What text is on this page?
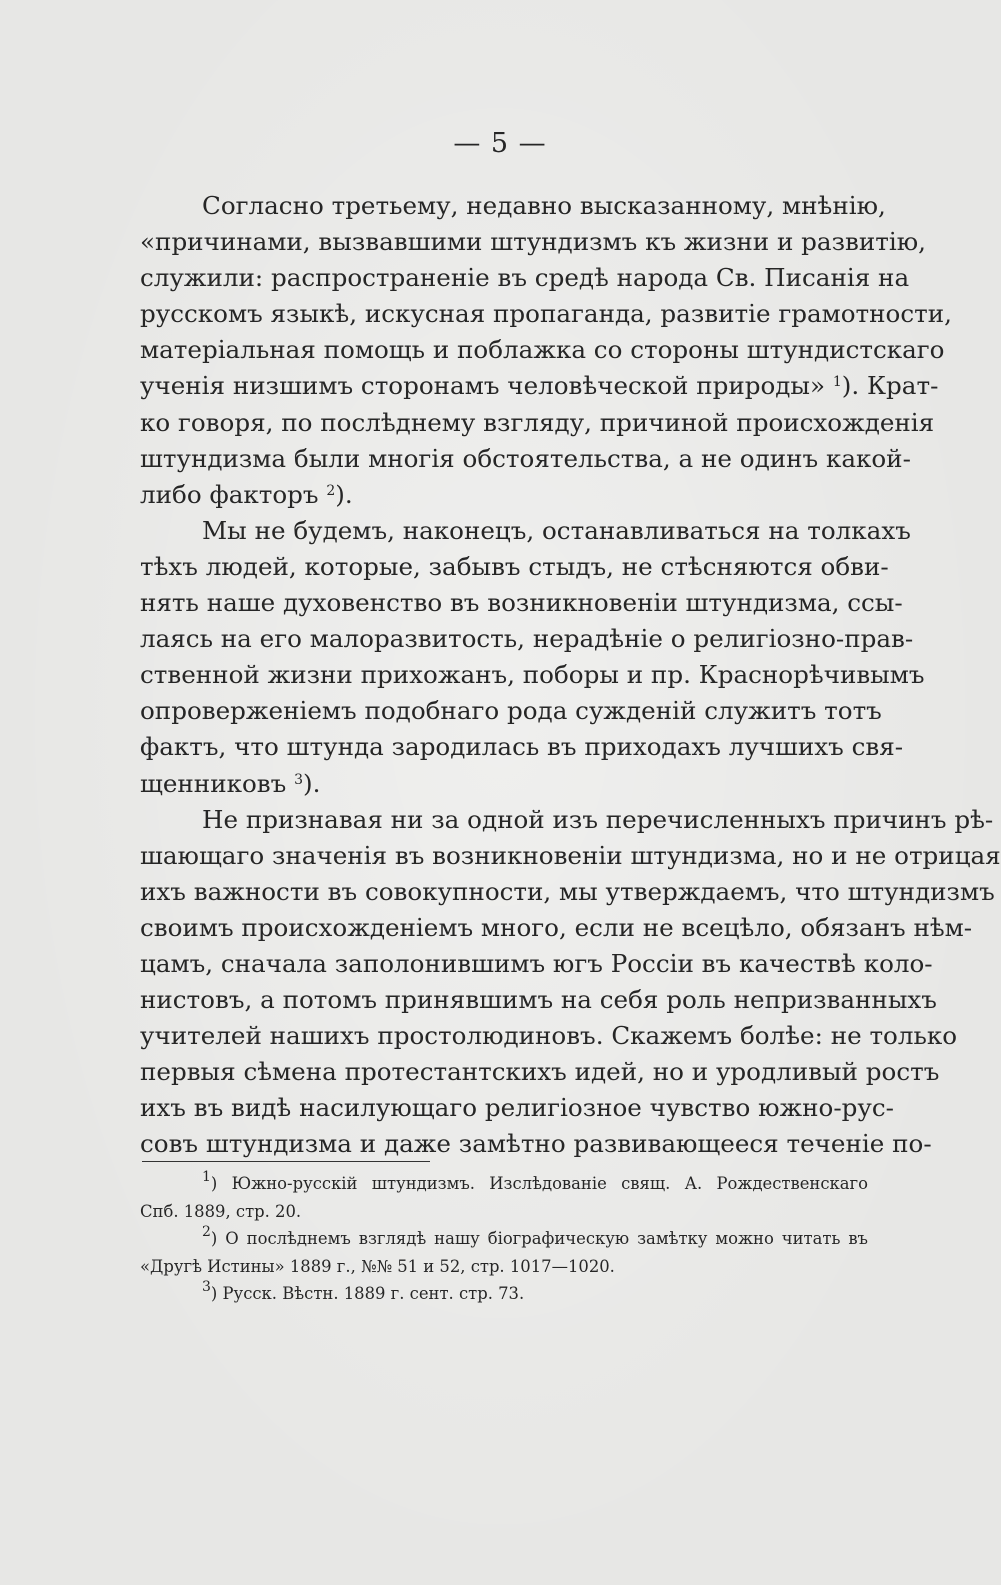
— 5 —
Согласно третьему, недавно высказанному, мнѣнію,
«причинами, вызвавшими штундизмъ къ жизни и развитію,
служили: распространеніе въ средѣ народа Св. Писанія на
русскомъ языкѣ, искусная пропаганда, развитіе грамотности,
матеріальная помощь и поблажка со стороны штундистскаго
ученія низшимъ сторонамъ человѣческой природы» $^1$). Крат-
ко говоря, по послѣднему взгляду, причиной происхожденія
штундизма были многія обстоятельства, а не одинъ какой-
либо факторъ $^2$).
Мы не будемъ, наконецъ, останавливаться на толкахъ
тѣхъ людей, которые, забывъ стыдъ, не стѣсняются обви-
нять наше духовенство въ возникновеніи штундизма, ссы-
лаясь на его малоразвитость, нерадѣніе о религіозно-прав-
ственной жизни прихожанъ, поборы и пр. Краснорѣчивымъ
опроверженіемъ подобнаго рода сужденій служитъ тотъ
фактъ, что штунда зародилась въ приходахъ лучшихъ свя-
щенниковъ $^3$).
Не признавая ни за одной изъ перечисленныхъ причинъ рѣ-
шающаго значенія въ возникновеніи штундизма, но и не отрицая
ихъ важности въ совокупности, мы утверждаемъ, что штундизмъ
своимъ происхожденіемъ много, если не всецѣло, обязанъ нѣм-
цамъ, сначала заполонившимъ югъ Россіи въ качествѣ коло-
нистовъ, а потомъ принявшимъ на себя роль непризванныхъ
учителей нашихъ простолюдиновъ. Скажемъ болѣе: не только
первыя сѣмена протестантскихъ идей, но и уродливый ростъ
ихъ въ видѣ насилующаго религіозное чувство южно-рус-
совъ штундизма и даже замѣтно развивающееся теченіе по-
$^1$) Южно-русскій штундизмъ. Изслѣдованіе свящ. А. Рождественскаго
Спб. 1889, стр. 20.
$^2$) О послѣднемъ взглядѣ нашу біографическую замѣтку можно читать въ
«Другѣ Истины» 1889 г., №№ 51 и 52, стр. 1017—1020.
$^3$) Русск. Вѣстн. 1889 г. сент. стр. 73.
